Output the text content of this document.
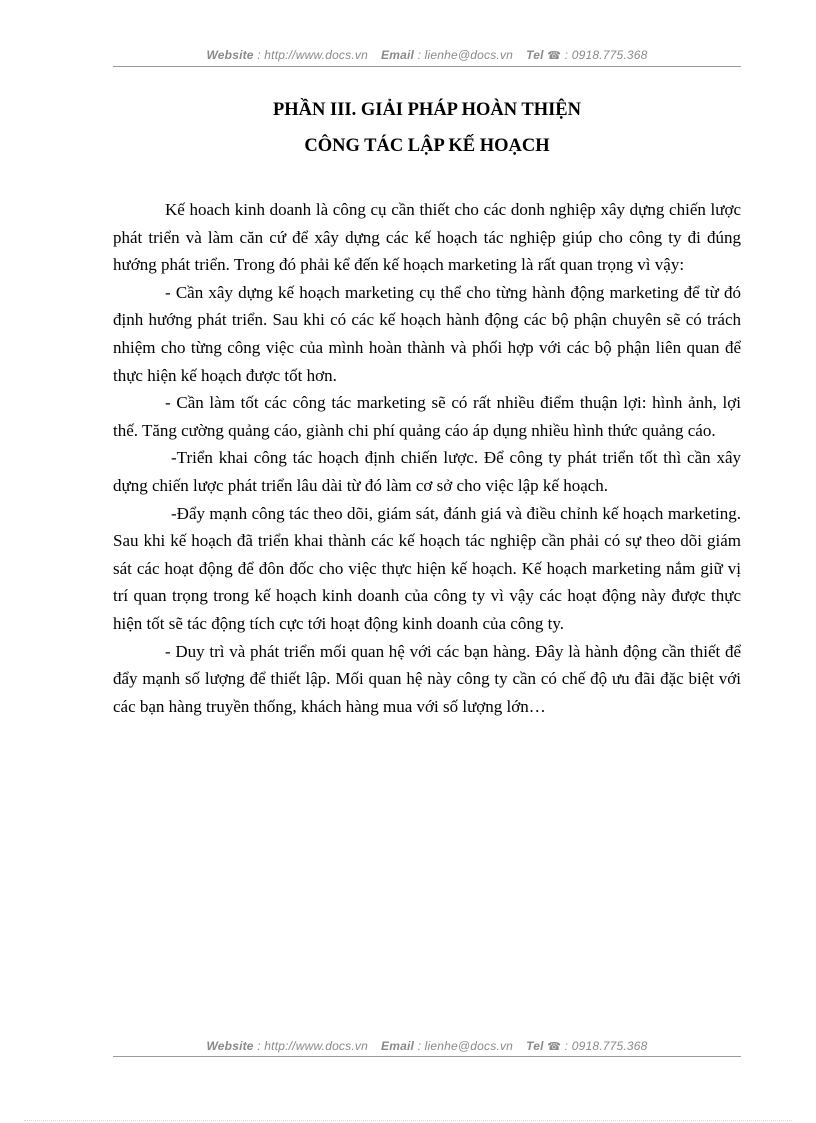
Website : http://www.docs.vn Email : lienhe@docs.vn Tel ☎ : 0918.775.368
PHẦN III. GIẢI PHÁP HOÀN THIỆN
CÔNG TÁC LẬP KẾ HOẠCH

Kế hoach kinh doanh là công cụ cần thiết cho các donh nghiệp xây dựng chiến lược phát triển và làm căn cứ để xây dựng các kế hoạch tác nghiệp giúp cho công ty đi đúng hướng phát triển. Trong đó phải kể đến kế hoạch marketing là rất quan trọng vì vậy:

- Cần xây dựng kế hoạch marketing cụ thể cho từng hành động marketing để từ đó định hướng phát triển. Sau khi có các kế hoạch hành động các bộ phận chuyên sẽ có trách nhiệm cho từng công việc của mình hoàn thành và phối hợp với các bộ phận liên quan để thực hiện kế hoạch được tốt hơn.

- Cần làm tốt các công tác marketing sẽ có rất nhiều điểm thuận lợi: hình ảnh, lợi thế. Tăng cường quảng cáo, giành chi phí quảng cáo áp dụng nhiều hình thức quảng cáo.

-Triển khai công tác hoạch định chiến lược. Để công ty phát triển tốt thì cần xây dựng chiến lược phát triển lâu dài từ đó làm cơ sở cho việc lập kế hoạch.

-Đẩy mạnh công tác theo dõi, giám sát, đánh giá và điều chỉnh kế hoạch marketing. Sau khi kế hoạch đã triển khai thành các kế hoạch tác nghiệp cần phải có sự theo dõi giám sát các hoạt động để đôn đốc cho việc thực hiện kế hoạch. Kế hoạch marketing nắm giữ vị trí quan trọng trong kế hoạch kinh doanh của công ty vì vậy các hoạt động này được thực hiện tốt sẽ tác động tích cực tới hoạt động kinh doanh của công ty.

- Duy trì và phát triển mối quan hệ với các bạn hàng. Đây là hành động cần thiết để đẩy mạnh số lượng để thiết lập. Mối quan hệ này công ty cần có chế độ ưu đãi đặc biệt với các bạn hàng truyền thống, khách hàng mua với số lượng lớn…

Website : http://www.docs.vn Email : lienhe@docs.vn Tel ☎ : 0918.775.368
